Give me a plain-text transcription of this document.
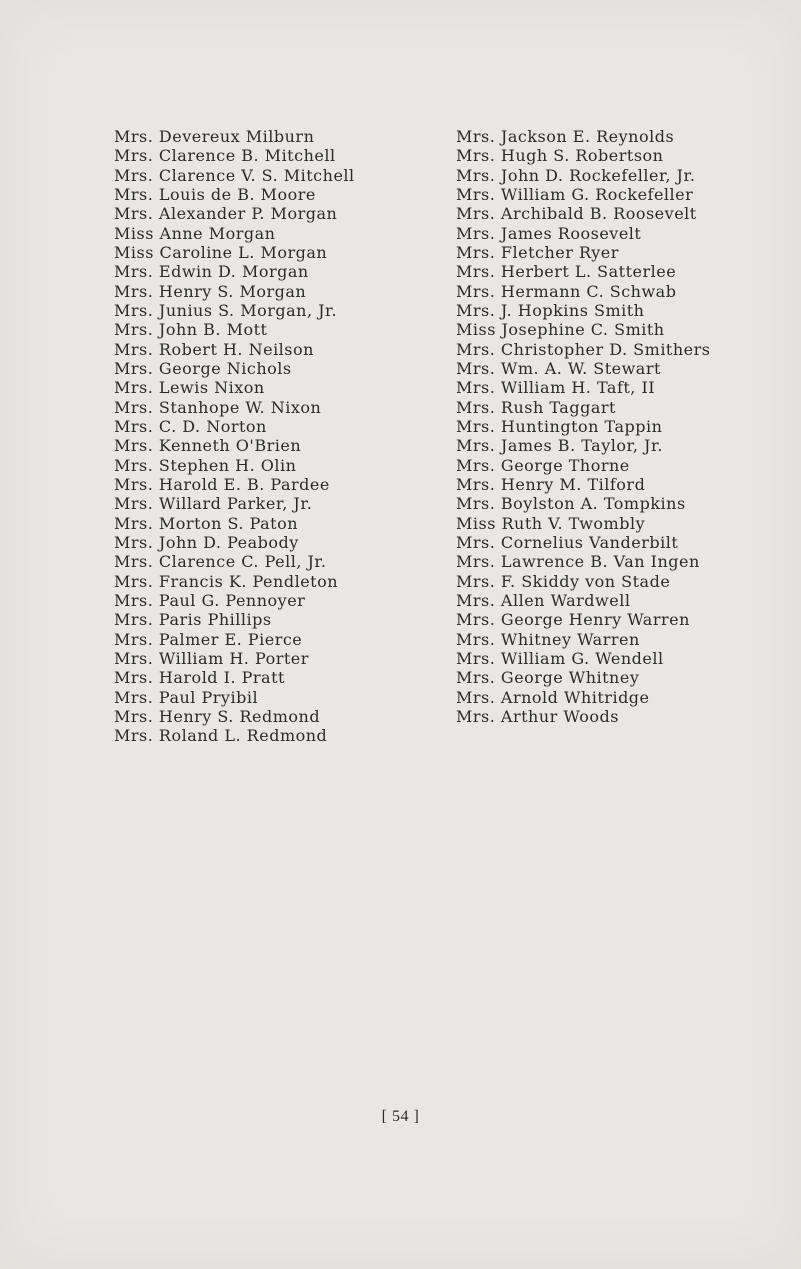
Mrs. Devereux Milburn
Mrs. Clarence B. Mitchell
Mrs. Clarence V. S. Mitchell
Mrs. Louis de B. Moore
Mrs. Alexander P. Morgan
Miss Anne Morgan
Miss Caroline L. Morgan
Mrs. Edwin D. Morgan
Mrs. Henry S. Morgan
Mrs. Junius S. Morgan, Jr.
Mrs. John B. Mott
Mrs. Robert H. Neilson
Mrs. George Nichols
Mrs. Lewis Nixon
Mrs. Stanhope W. Nixon
Mrs. C. D. Norton
Mrs. Kenneth O'Brien
Mrs. Stephen H. Olin
Mrs. Harold E. B. Pardee
Mrs. Willard Parker, Jr.
Mrs. Morton S. Paton
Mrs. John D. Peabody
Mrs. Clarence C. Pell, Jr.
Mrs. Francis K. Pendleton
Mrs. Paul G. Pennoyer
Mrs. Paris Phillips
Mrs. Palmer E. Pierce
Mrs. William H. Porter
Mrs. Harold I. Pratt
Mrs. Paul Pryibil
Mrs. Henry S. Redmond
Mrs. Roland L. Redmond
Mrs. Jackson E. Reynolds
Mrs. Hugh S. Robertson
Mrs. John D. Rockefeller, Jr.
Mrs. William G. Rockefeller
Mrs. Archibald B. Roosevelt
Mrs. James Roosevelt
Mrs. Fletcher Ryer
Mrs. Herbert L. Satterlee
Mrs. Hermann C. Schwab
Mrs. J. Hopkins Smith
Miss Josephine C. Smith
Mrs. Christopher D. Smithers
Mrs. Wm. A. W. Stewart
Mrs. William H. Taft, II
Mrs. Rush Taggart
Mrs. Huntington Tappin
Mrs. James B. Taylor, Jr.
Mrs. George Thorne
Mrs. Henry M. Tilford
Mrs. Boylston A. Tompkins
Miss Ruth V. Twombly
Mrs. Cornelius Vanderbilt
Mrs. Lawrence B. Van Ingen
Mrs. F. Skiddy von Stade
Mrs. Allen Wardwell
Mrs. George Henry Warren
Mrs. Whitney Warren
Mrs. William G. Wendell
Mrs. George Whitney
Mrs. Arnold Whitridge
Mrs. Arthur Woods
[ 54 ]
